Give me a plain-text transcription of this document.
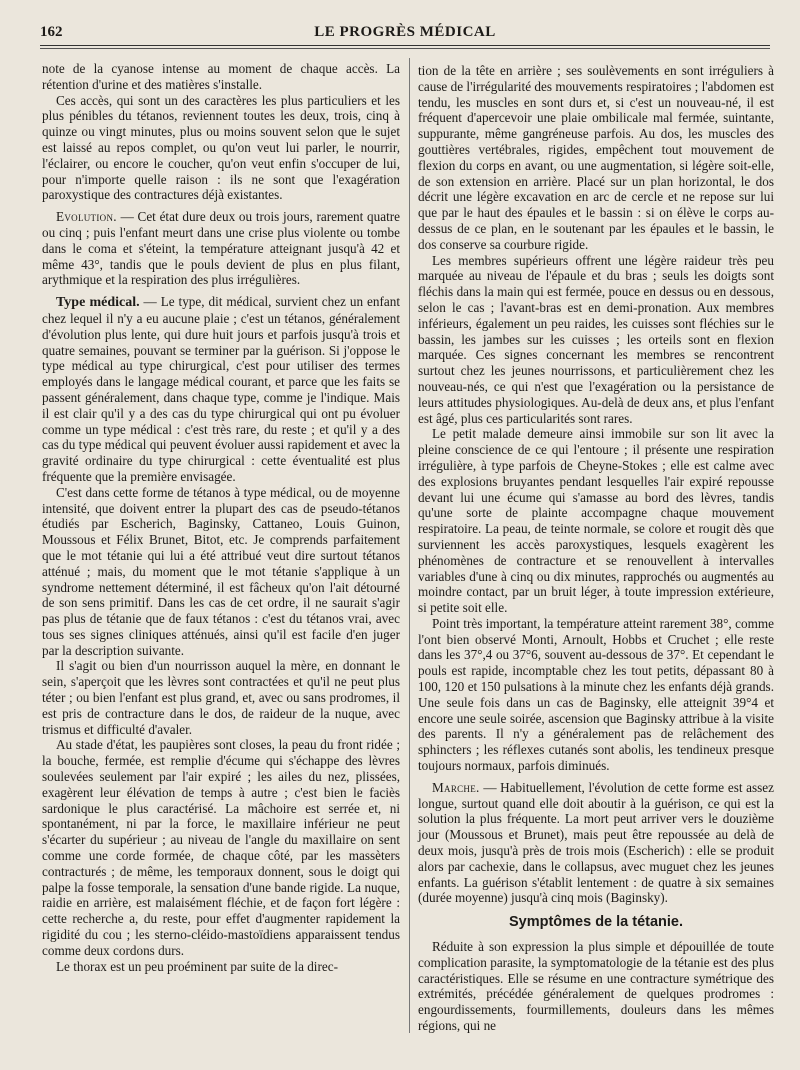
162	LE PROGRÈS MÉDICAL

note de la cyanose intense au moment de chaque accès. La rétention d'urine et des matières s'installe.

Ces accès, qui sont un des caractères les plus particuliers et les plus pénibles du tétanos, reviennent toutes les deux, trois, cinq à quinze ou vingt minutes, plus ou moins souvent selon que le sujet est laissé au repos complet, ou qu'on veut lui parler, le nourrir, l'éclairer, ou encore le coucher, qu'on veut enfin s'occuper de lui, pour n'importe quelle raison : ils ne sont que l'exagération paroxystique des contractures déjà existantes.

Evolution. — Cet état dure deux ou trois jours, rarement quatre ou cinq ; puis l'enfant meurt dans une crise plus violente ou tombe dans le coma et s'éteint, la température atteignant jusqu'à 42 et même 43°, tandis que le pouls devient de plus en plus filant, arythmique et la respiration des plus irrégulières.

Type médical. — Le type, dit médical, survient chez un enfant chez lequel il n'y a eu aucune plaie ; c'est un tétanos, généralement d'évolution plus lente, qui dure huit jours et parfois jusqu'à trois et quatre semaines, pouvant se terminer par la guérison. Si j'oppose le type médical au type chirurgical, c'est pour utiliser des termes employés dans le langage médical courant, et parce que les faits se passent généralement, dans chaque type, comme je l'indique. Mais il est clair qu'il y a des cas du type chirurgical qui ont pu évoluer comme un type médical : c'est très rare, du reste ; et qu'il y a des cas du type médical qui peuvent évoluer aussi rapidement et avec la gravité ordinaire du type chirurgical : cette éventualité est plus fréquente que la première envisagée.

C'est dans cette forme de tétanos à type médical, ou de moyenne intensité, que doivent entrer la plupart des cas de pseudo-tétanos étudiés par Escherich, Baginsky, Cattaneo, Louis Guinon, Moussous et Félix Brunet, Bitot, etc. Je comprends parfaitement que le mot tétanie qui lui a été attribué veut dire surtout tétanos atténué ; mais, du moment que le mot tétanie s'applique à un syndrome nettement déterminé, il est fâcheux qu'on l'ait détourné de son sens primitif. Dans les cas de cet ordre, il ne saurait s'agir pas plus de tétanie que de faux tétanos : c'est du tétanos vrai, avec tous ses signes cliniques atténués, ainsi qu'il est facile d'en juger par la description suivante.

Il s'agit ou bien d'un nourrisson auquel la mère, en donnant le sein, s'aperçoit que les lèvres sont contractées et qu'il ne peut plus téter ; ou bien l'enfant est plus grand, et, avec ou sans prodromes, il est pris de contracture dans le dos, de raideur de la nuque, avec trismus et difficulté d'avaler.

Au stade d'état, les paupières sont closes, la peau du front ridée ; la bouche, fermée, est remplie d'écume qui s'échappe des lèvres soulevées seulement par l'air expiré ; les ailes du nez, plissées, exagèrent leur élévation de temps à autre ; c'est bien le faciès sardonique le plus caractérisé. La mâchoire est serrée et, ni spontanément, ni par la force, le maxillaire inférieur ne peut s'écarter du supérieur ; au niveau de l'angle du maxillaire on sent comme une corde formée, de chaque côté, par les massèters contracturés ; de même, les temporaux donnent, sous le doigt qui palpe la fosse temporale, la sensation d'une bande rigide. La nuque, raidie en arrière, est malaisément fléchie, et de façon fort légère : cette recherche a, du reste, pour effet d'augmenter rapidement la rigidité du cou ; les sterno-cléido-mastoïdiens apparaissent tendus comme deux cordons durs.

Le thorax est un peu proéminent par suite de la direc-

tion de la tête en arrière ; ses soulèvements en sont irréguliers à cause de l'irrégularité des mouvements respiratoires ; l'abdomen est tendu, les muscles en sont durs et, si c'est un nouveau-né, il est fréquent d'apercevoir une plaie ombilicale mal fermée, suintante, suppurante, même gangréneuse parfois. Au dos, les muscles des gouttières vertébrales, rigides, empêchent tout mouvement de flexion du corps en avant, ou une augmentation, si légère soit-elle, de son extension en arrière. Placé sur un plan horizontal, le dos décrit une légère excavation en arc de cercle et ne repose sur lui que par le haut des épaules et le bassin : si on élève le corps au-dessus de ce plan, en le soutenant par les épaules et le bassin, le dos conserve sa courbure rigide.

Les membres supérieurs offrent une légère raideur très peu marquée au niveau de l'épaule et du bras ; seuls les doigts sont fléchis dans la main qui est fermée, pouce en dessus ou en dessous, selon le cas ; l'avant-bras est en demi-pronation. Aux membres inférieurs, également un peu raides, les cuisses sont fléchies sur le bassin, les jambes sur les cuisses ; les orteils sont en flexion marquée. Ces signes concernant les membres se rencontrent surtout chez les jeunes nourrissons, et particulièrement chez les nouveau-nés, ce qui n'est que l'exagération ou la persistance de leurs attitudes physiologiques. Au-delà de deux ans, et plus l'enfant est âgé, plus ces particularités sont rares.

Le petit malade demeure ainsi immobile sur son lit avec la pleine conscience de ce qui l'entoure ; il présente une respiration irrégulière, à type parfois de Cheyne-Stokes ; elle est calme avec des explosions bruyantes pendant lesquelles l'air expiré repousse devant lui une écume qui s'amasse au bord des lèvres, tandis qu'une sorte de plainte accompagne chaque mouvement respiratoire. La peau, de teinte normale, se colore et rougit dès que surviennent les accès paroxystiques, lesquels exagèrent les phénomènes de contracture et se renouvellent à intervalles variables d'une à cinq ou dix minutes, rapprochés ou augmentés au moindre contact, par un bruit léger, à toute impression extérieure, si petite soit elle.

Point très important, la température atteint rarement 38°, comme l'ont bien observé Monti, Arnoult, Hobbs et Cruchet ; elle reste dans les 37°,4 ou 37°6, souvent au-dessous de 37°. Et cependant le pouls est rapide, incomptable chez les tout petits, dépassant 80 à 100, 120 et 150 pulsations à la minute chez les enfants déjà grands. Une seule fois dans un cas de Baginsky, elle atteignit 39°4 et encore une seule soirée, ascension que Baginsky attribue à la visite des parents. Il n'y a généralement pas de relâchement des sphincters ; les réflexes cutanés sont abolis, les tendineux presque toujours normaux, parfois diminués.

Marche. — Habituellement, l'évolution de cette forme est assez longue, surtout quand elle doit aboutir à la guérison, ce qui est la solution la plus fréquente. La mort peut arriver vers le douzième jour (Moussous et Brunet), mais peut être repoussée au delà de deux mois, jusqu'à près de trois mois (Escherich) : elle se produit alors par cachexie, dans le collapsus, avec muguet chez les jeunes enfants. La guérison s'établit lentement : de quatre à six semaines (durée moyenne) jusqu'à cinq mois (Baginsky).

Symptômes de la tétanie.

Réduite à son expression la plus simple et dépouillée de toute complication parasite, la symptomatologie de la tétanie est des plus caractéristiques. Elle se résume en une contracture symétrique des extrémités, précédée généralement de quelques prodromes : engourdissements, fourmillements, douleurs dans les mêmes régions, qui ne
